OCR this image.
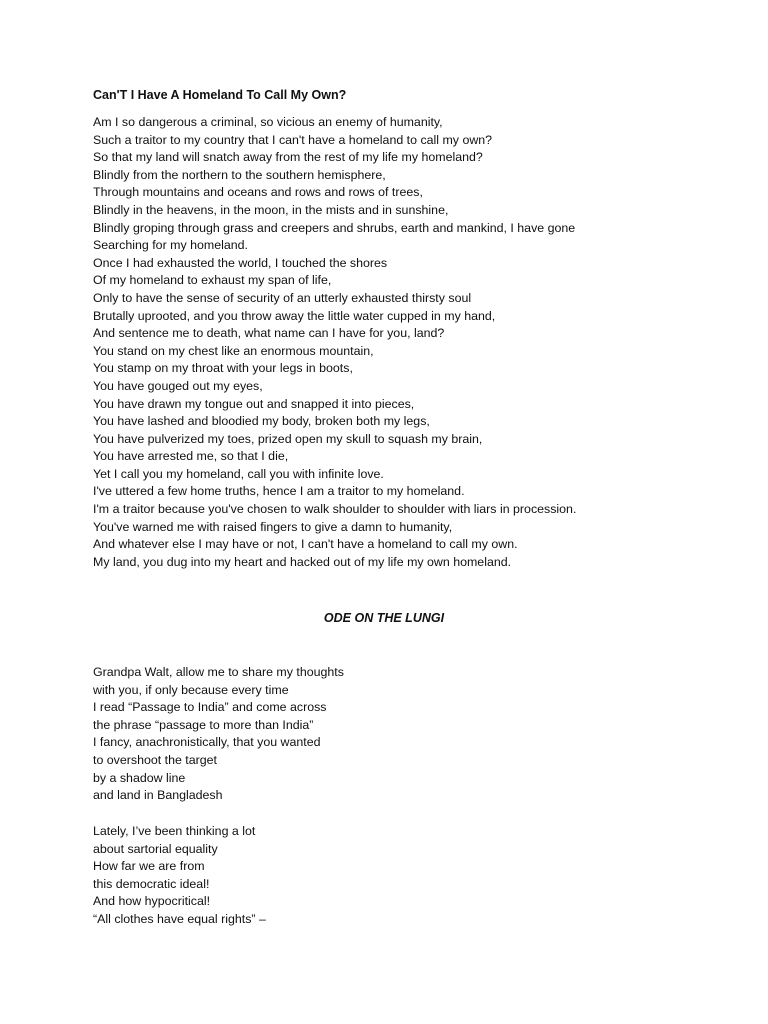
Can'T I Have A Homeland To Call My Own?
Am I so dangerous a criminal, so vicious an enemy of humanity,
Such a traitor to my country that I can't have a homeland to call my own?
So that my land will snatch away from the rest of my life my homeland?
Blindly from the northern to the southern hemisphere,
Through mountains and oceans and rows and rows of trees,
Blindly in the heavens, in the moon, in the mists and in sunshine,
Blindly groping through grass and creepers and shrubs, earth and mankind, I have gone
Searching for my homeland.
Once I had exhausted the world, I touched the shores
Of my homeland to exhaust my span of life,
Only to have the sense of security of an utterly exhausted thirsty soul
Brutally uprooted, and you throw away the little water cupped in my hand,
And sentence me to death, what name can I have for you, land?
You stand on my chest like an enormous mountain,
You stamp on my throat with your legs in boots,
You have gouged out my eyes,
You have drawn my tongue out and snapped it into pieces,
You have lashed and bloodied my body, broken both my legs,
You have pulverized my toes, prized open my skull to squash my brain,
You have arrested me, so that I die,
Yet I call you my homeland, call you with infinite love.
I've uttered a few home truths, hence I am a traitor to my homeland.
I'm a traitor because you've chosen to walk shoulder to shoulder with liars in procession.
You've warned me with raised fingers to give a damn to humanity,
And whatever else I may have or not, I can't have a homeland to call my own.
My land, you dug into my heart and hacked out of my life my own homeland.
ODE ON THE LUNGI
Grandpa Walt, allow me to share my thoughts
with you, if only because every time
I read “Passage to India” and come across
the phrase “passage to more than India”
I fancy, anachronistically, that you wanted
to overshoot the target
by a shadow line
and land in Bangladesh
Lately, I’ve been thinking a lot
about sartorial equality
How far we are from
this democratic ideal!
And how hypocritical!
“All clothes have equal rights” –
